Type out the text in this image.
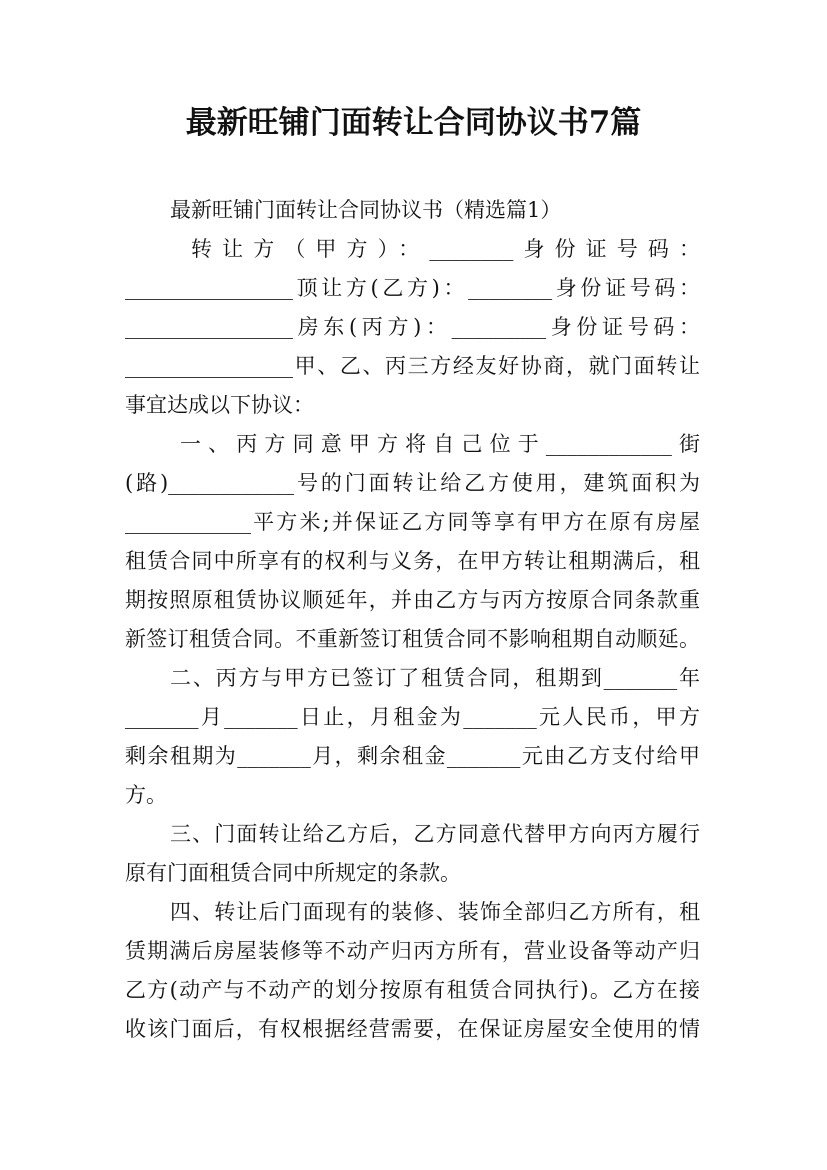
最新旺铺门面转让合同协议书7篇
最新旺铺门面转让合同协议书（精选篇1）
转让方（甲方）：________身份证号码：
________________顶让方(乙方)：________身份证号码：
________________房东(丙方)：_________身份证号码：
________________甲、乙、丙三方经友好协商，就门面转让
事宜达成以下协议：
一、丙方同意甲方将自己位于____________街
(路)____________号的门面转让给乙方使用，建筑面积为
____________平方米;并保证乙方同等享有甲方在原有房屋
租赁合同中所享有的权利与义务，在甲方转让租期满后，租
期按照原租赁协议顺延年，并由乙方与丙方按原合同条款重
新签订租赁合同。不重新签订租赁合同不影响租期自动顺延。
二、丙方与甲方已签订了租赁合同，租期到_______年
_______月_______日止，月租金为_______元人民币，甲方
剩余租期为_______月，剩余租金_______元由乙方支付给甲
方。
三、门面转让给乙方后，乙方同意代替甲方向丙方履行
原有门面租赁合同中所规定的条款。
四、转让后门面现有的装修、装饰全部归乙方所有，租
赁期满后房屋装修等不动产归丙方所有，营业设备等动产归
乙方(动产与不动产的划分按原有租赁合同执行)。乙方在接
收该门面后，有权根据经营需要，在保证房屋安全使用的情
